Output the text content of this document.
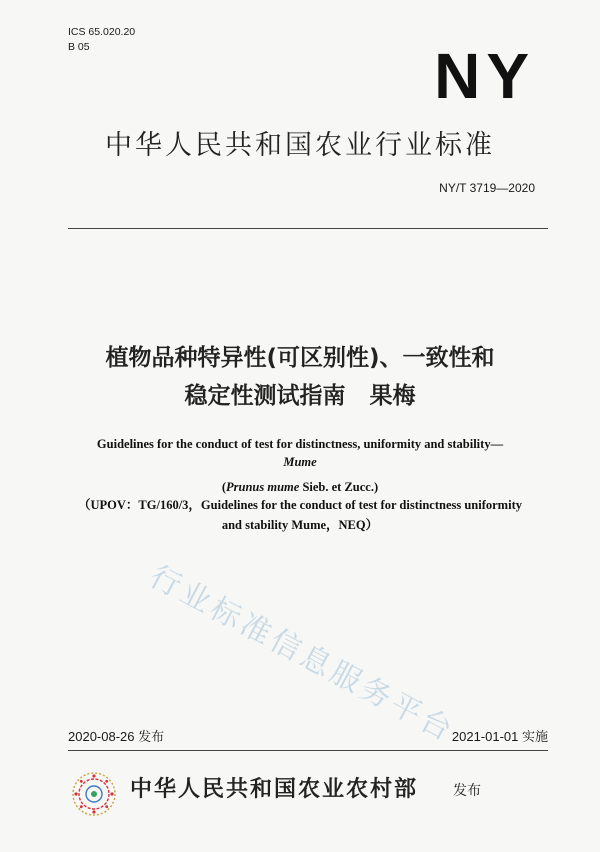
ICS 65.020.20
B 05	NY
中华人民共和国农业行业标准
NY/T 3719—2020
植物品种特异性(可区别性)、一致性和
稳定性测试指南   果梅
Guidelines for the conduct of test for distinctness, uniformity and stability—
Mume
(Prunus mume Sieb. et Zucc.)
（UPOV：TG/160/3，Guidelines for the conduct of test for distinctness uniformity
and stability Mume，NEQ）
行业标准信息服务平台
2020-08-26 发布	2021-01-01 实施
中华人民共和国农业农村部 发布
